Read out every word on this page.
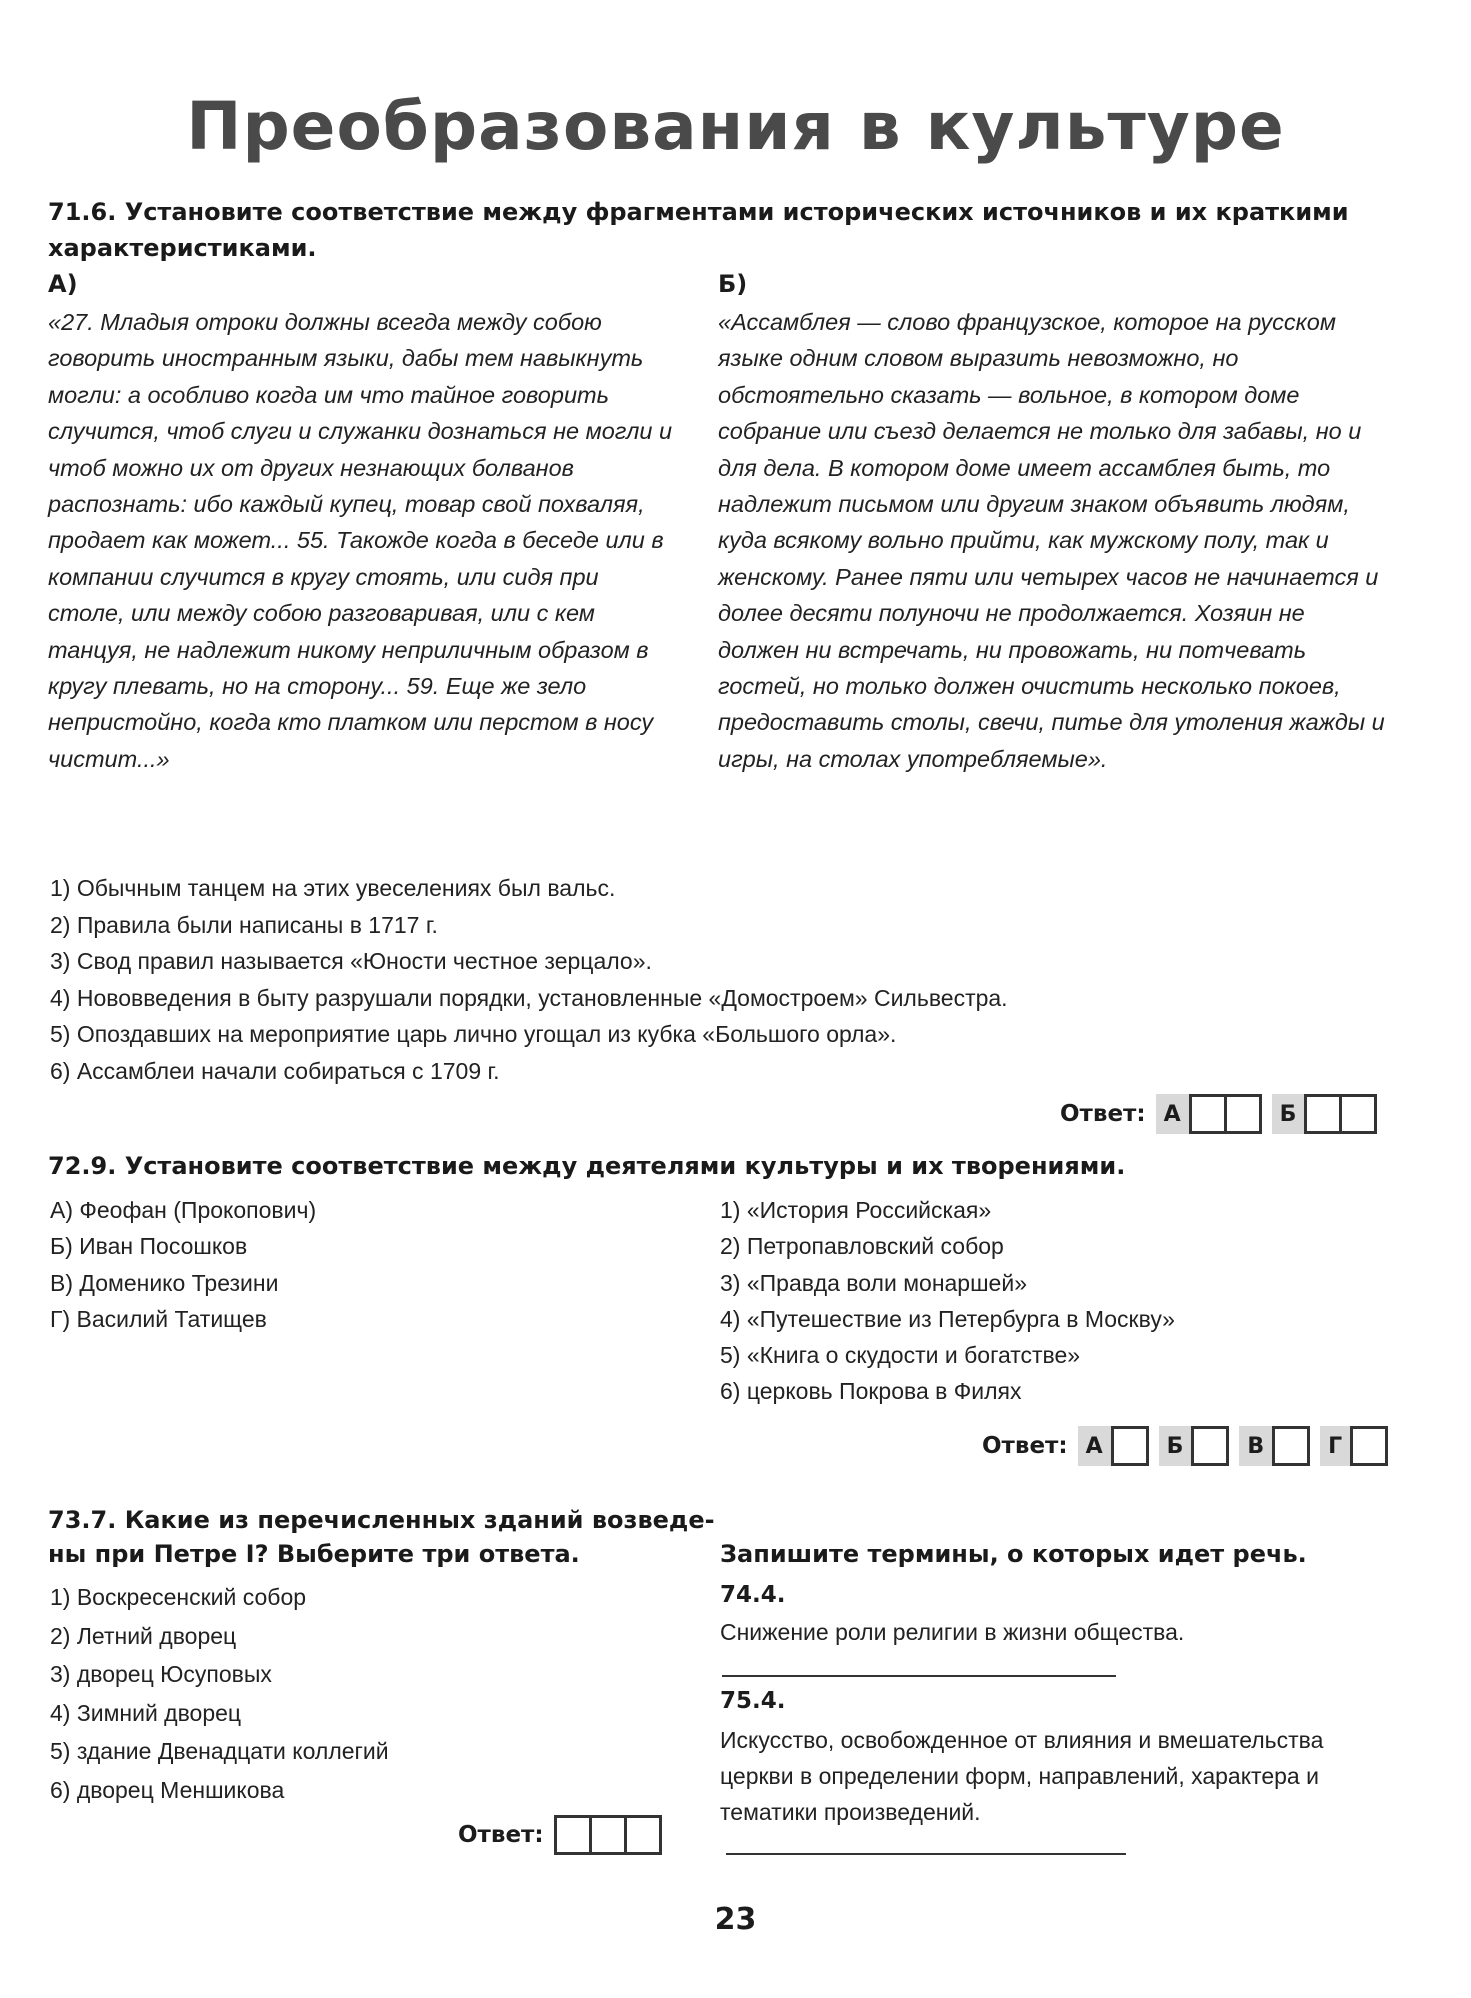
Преобразования в культуре
71.6. Установите соответствие между фрагментами исторических источников и их краткими характеристиками.
А)	Б)

«27. Младыя отроки должны всегда между собою говорить иностранным языки, дабы тем навыкнуть могли: а особливо когда им что тайное говорить случится, чтоб слуги и служанки дознаться не могли и чтоб можно их от других незнающих болванов распознать: ибо каждый купец, товар свой похваляя, продает как может... 55. Такожде когда в беседе или в компании случится в кругу стоять, или сидя при столе, или между собою разговаривая, или с кем танцуя, не надлежит никому неприличным образом в кругу плевать, но на сторону... 59. Еще же зело непристойно, когда кто платком или перстом в носу чистит...»

«Ассамблея — слово французское, которое на русском языке одним словом выразить невозможно, но обстоятельно сказать — вольное, в котором доме собрание или съезд делается не только для забавы, но и для дела. В котором доме имеет ассамблея быть, то надлежит письмом или другим знаком объявить людям, куда всякому вольно прийти, как мужскому полу, так и женскому. Ранее пяти или четырех часов не начинается и долее десяти полуночи не продолжается. Хозяин не должен ни встречать, ни провожать, ни потчевать гостей, но только должен очистить несколько покоев, предоставить столы, свечи, питье для утоления жажды и игры, на столах употребляемые».

1) Обычным танцем на этих увеселениях был вальс.
2) Правила были написаны в 1717 г.
3) Свод правил называется «Юности честное зерцало».
4) Нововведения в быту разрушали порядки, установленные «Домостроем» Сильвестра.
5) Опоздавших на мероприятие царь лично угощал из кубка «Большого орла».
6) Ассамблеи начали собираться с 1709 г.
Ответ: А	Б
72.9. Установите соответствие между деятелями культуры и их творениями.
А) Феофан (Прокопович)
Б) Иван Посошков
В) Доменико Трезини
Г) Василий Татищев
1) «История Российская»
2) Петропавловский собор
3) «Правда воли монаршей»
4) «Путешествие из Петербурга в Москву»
5) «Книга о скудости и богатстве»
6) церковь Покрова в Филях
Ответ: А	Б	В	Г
73.7. Какие из перечисленных зданий возведе-
ны при Петре I? Выберите три ответа.
1) Воскресенский собор
2) Летний дворец
3) дворец Юсуповых
4) Зимний дворец
5) здание Двенадцати коллегий
6) дворец Меншикова
Ответ:
Запишите термины, о которых идет речь.
74.4.

Снижение роли религии в жизни общества.

75.4.

Искусство, освобожденное от влияния и вмешательства церкви в определении форм, направлений, характера и тематики произведений.

23
